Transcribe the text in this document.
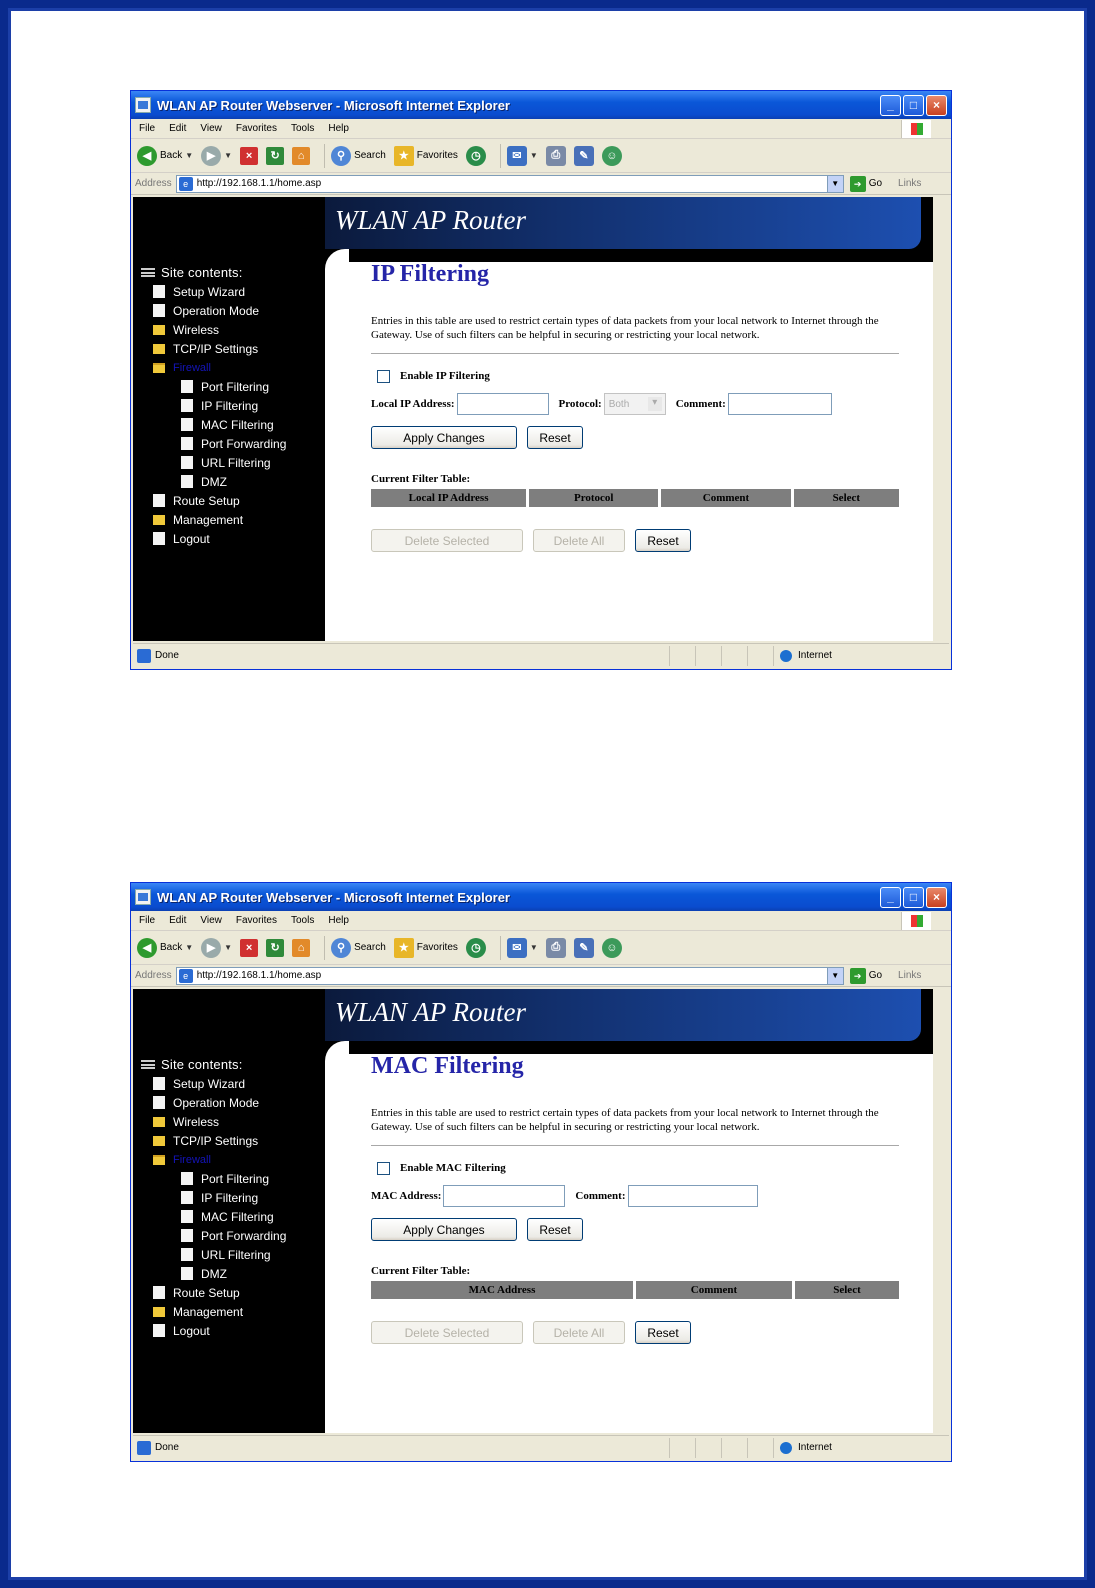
WLAN AP Router Webserver - Microsoft Internet Explorer	_	□	×
File Edit View Favorites Tools Help
◀ Back ▼	▶	▼	×	↻	⌂	⚲ Search	★ Favorites	◷	✉	▼	⎙	✎	☺
Address	e http://192.168.1.1/home.asp	▼	➔ Go Links
WLAN AP Router
Site contents:
Setup Wizard
Operation Mode
Wireless
TCP/IP Settings
Firewall
Port Filtering
IP Filtering
MAC Filtering
Port Forwarding
URL Filtering
DMZ
Route Setup
Management
Logout
IP Filtering
Entries in this table are used to restrict certain types of data packets from your local network to Internet through the Gateway. Use of such filters can be helpful in securing or restricting your local network.
Enable IP Filtering
Local IP Address:	Protocol: Both ▾	Comment:
Apply Changes	Reset
Current Filter Table:
Local IP Address	Protocol	Comment	Select
Delete Selected	Delete All	Reset
Done	Internet
WLAN AP Router Webserver - Microsoft Internet Explorer	_	□	×
File Edit View Favorites Tools Help
◀ Back ▼	▶	▼	×	↻	⌂	⚲ Search	★ Favorites	◷	✉	▼	⎙	✎	☺
Address	e http://192.168.1.1/home.asp	▼	➔ Go Links
WLAN AP Router
Site contents:
Setup Wizard
Operation Mode
Wireless
TCP/IP Settings
Firewall
Port Filtering
IP Filtering
MAC Filtering
Port Forwarding
URL Filtering
DMZ
Route Setup
Management
Logout
MAC Filtering
Entries in this table are used to restrict certain types of data packets from your local network to Internet through the Gateway. Use of such filters can be helpful in securing or restricting your local network.
Enable MAC Filtering
MAC Address:	Comment:
Apply Changes	Reset
Current Filter Table:
MAC Address	Comment	Select
Delete Selected	Delete All	Reset
Done	Internet
